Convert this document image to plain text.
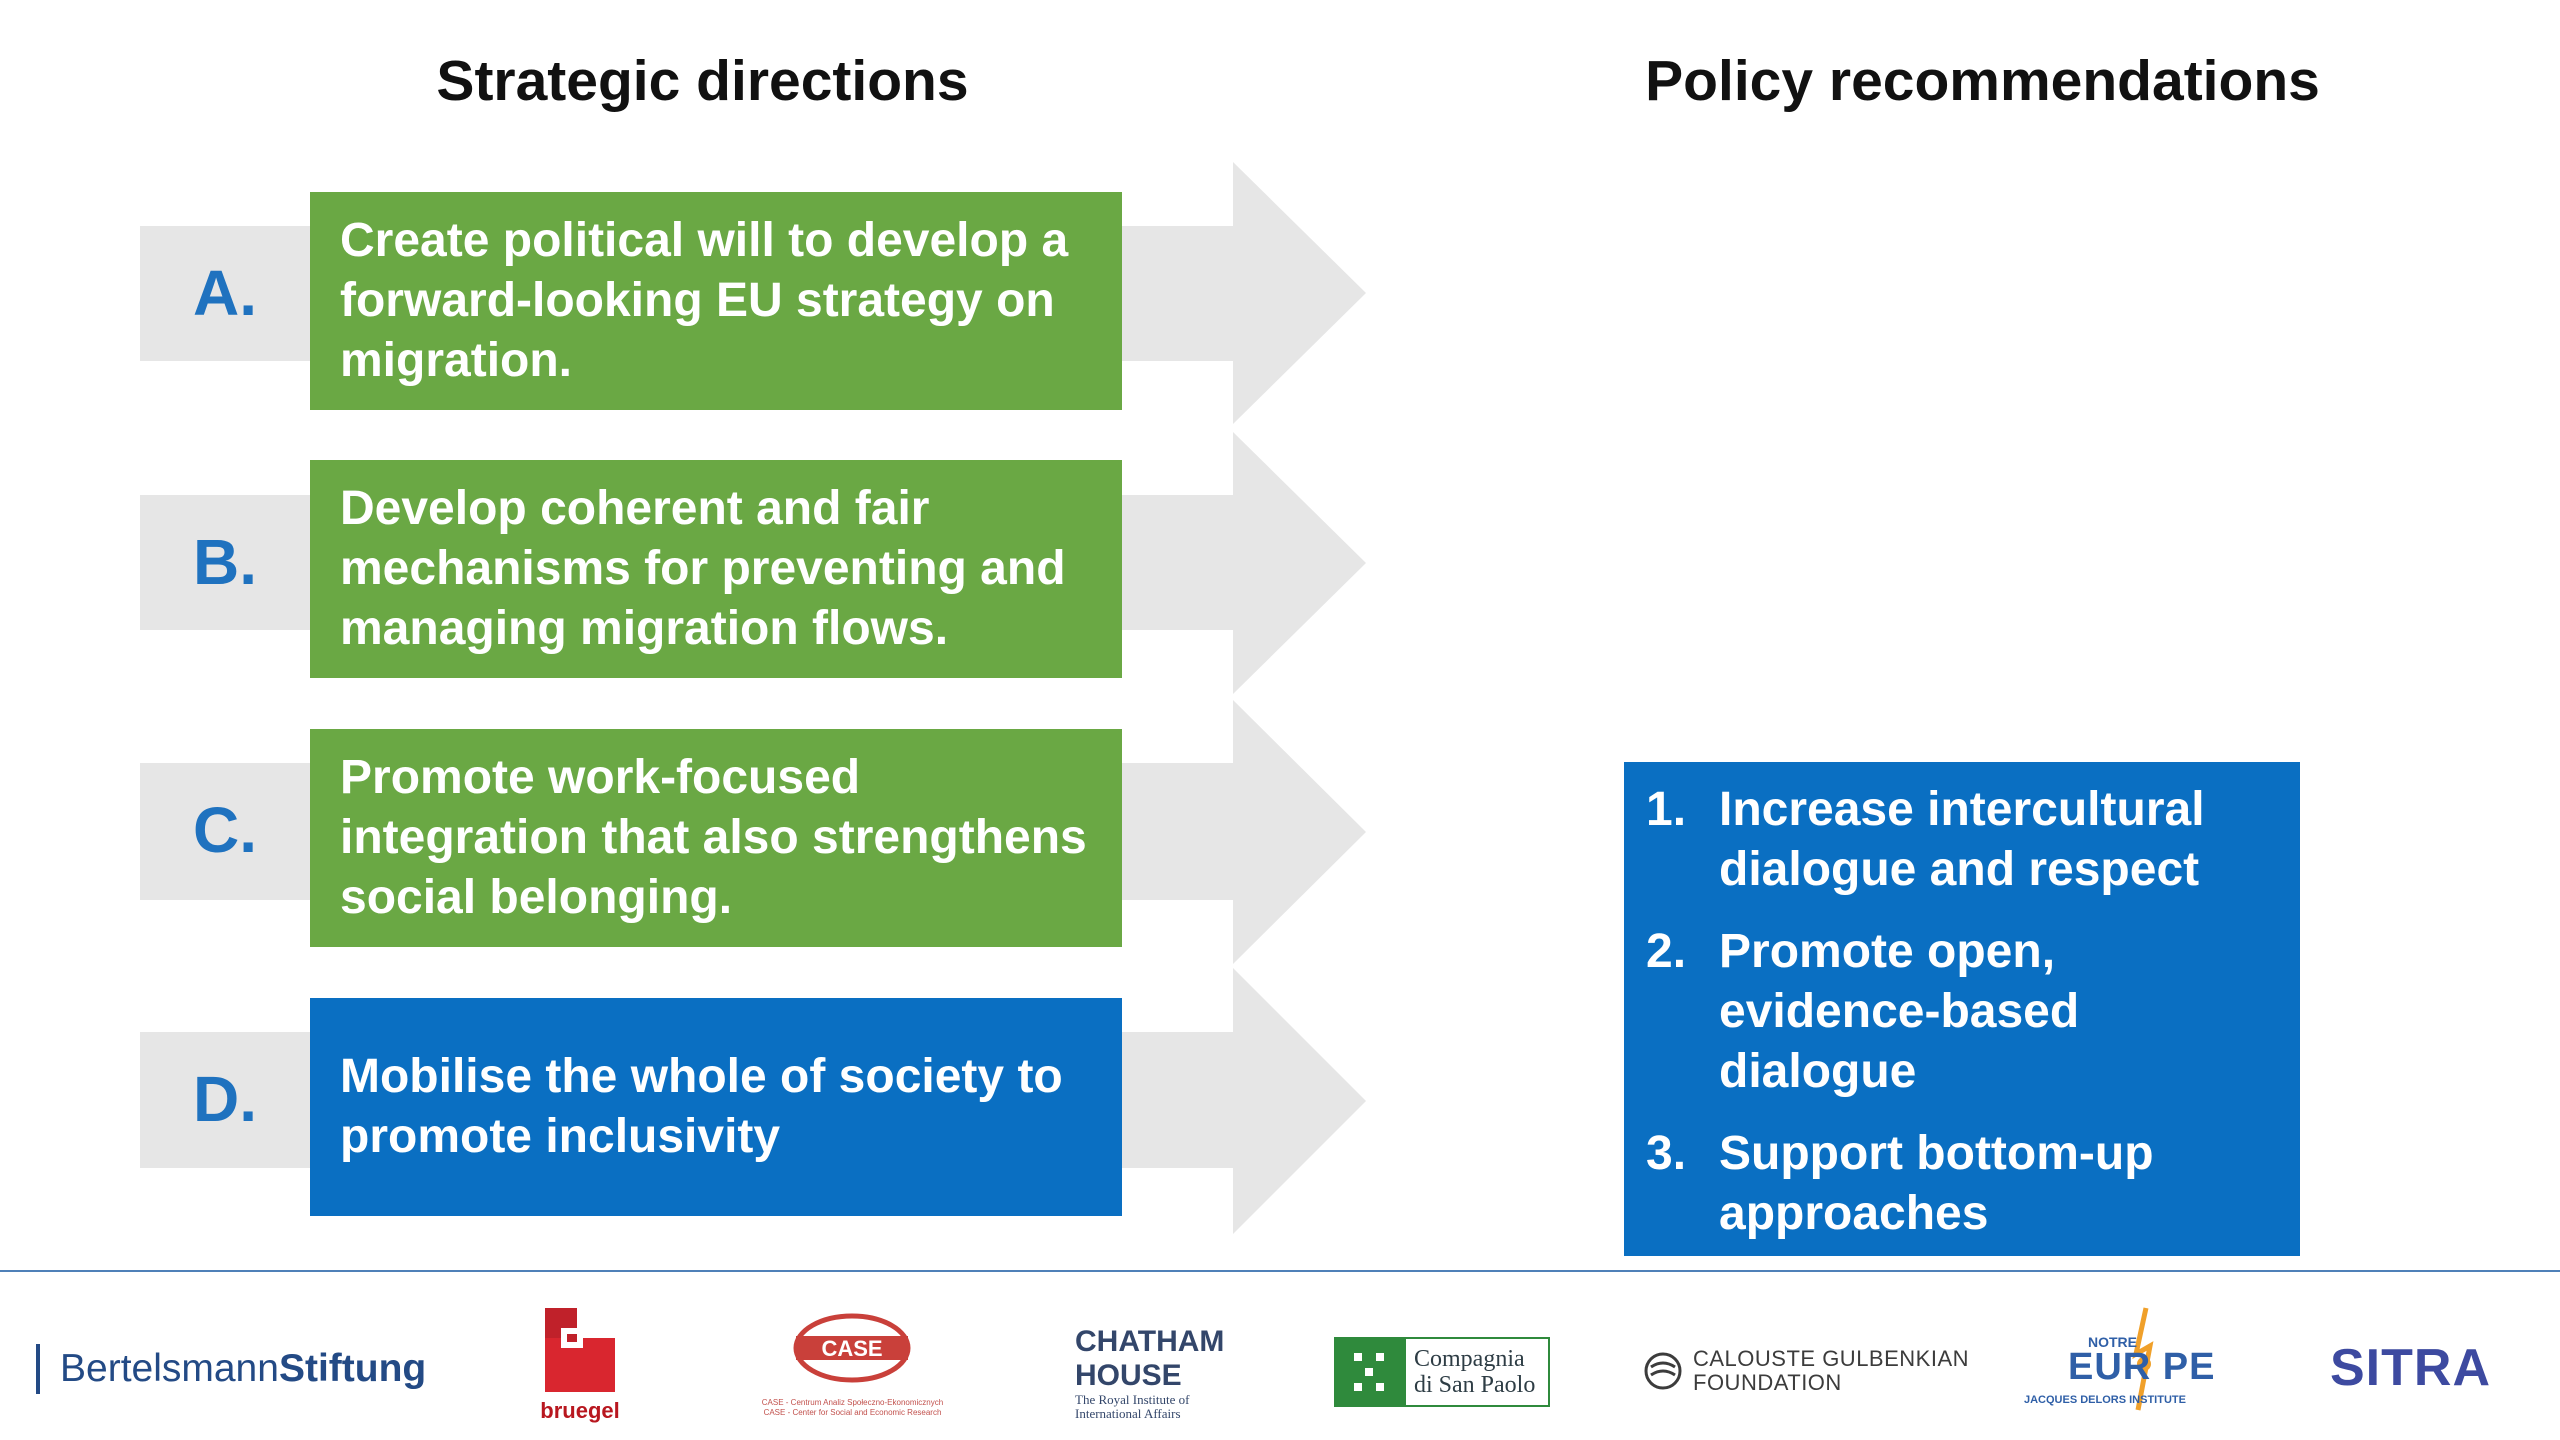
Strategic directions	Policy recommendations
A.
Create political will to develop a forward-looking EU strategy on migration.
B.
Develop coherent and fair mechanisms for preventing and managing migration flows.
C.
Promote work-focused integration that also strengthens social belonging.
D.	Mobilise the whole of society to promote inclusivity
1. Increase intercultural dialogue and respect
2. Promote open, evidence-based dialogue
3. Support bottom-up approaches
Bertelsmann Stiftung
bruegel
CASE
CASE - Centrum Analiz Społeczno-Ekonomicznych
CASE - Center for Social and Economic Research
CHATHAM
HOUSE
The Royal Institute of
International Affairs
Compagnia
di San Paolo
CALOUSTE GULBENKIAN
FOUNDATION
NOTRE
EUR PE
JACQUES DELORS INSTITUTE
SITRA
